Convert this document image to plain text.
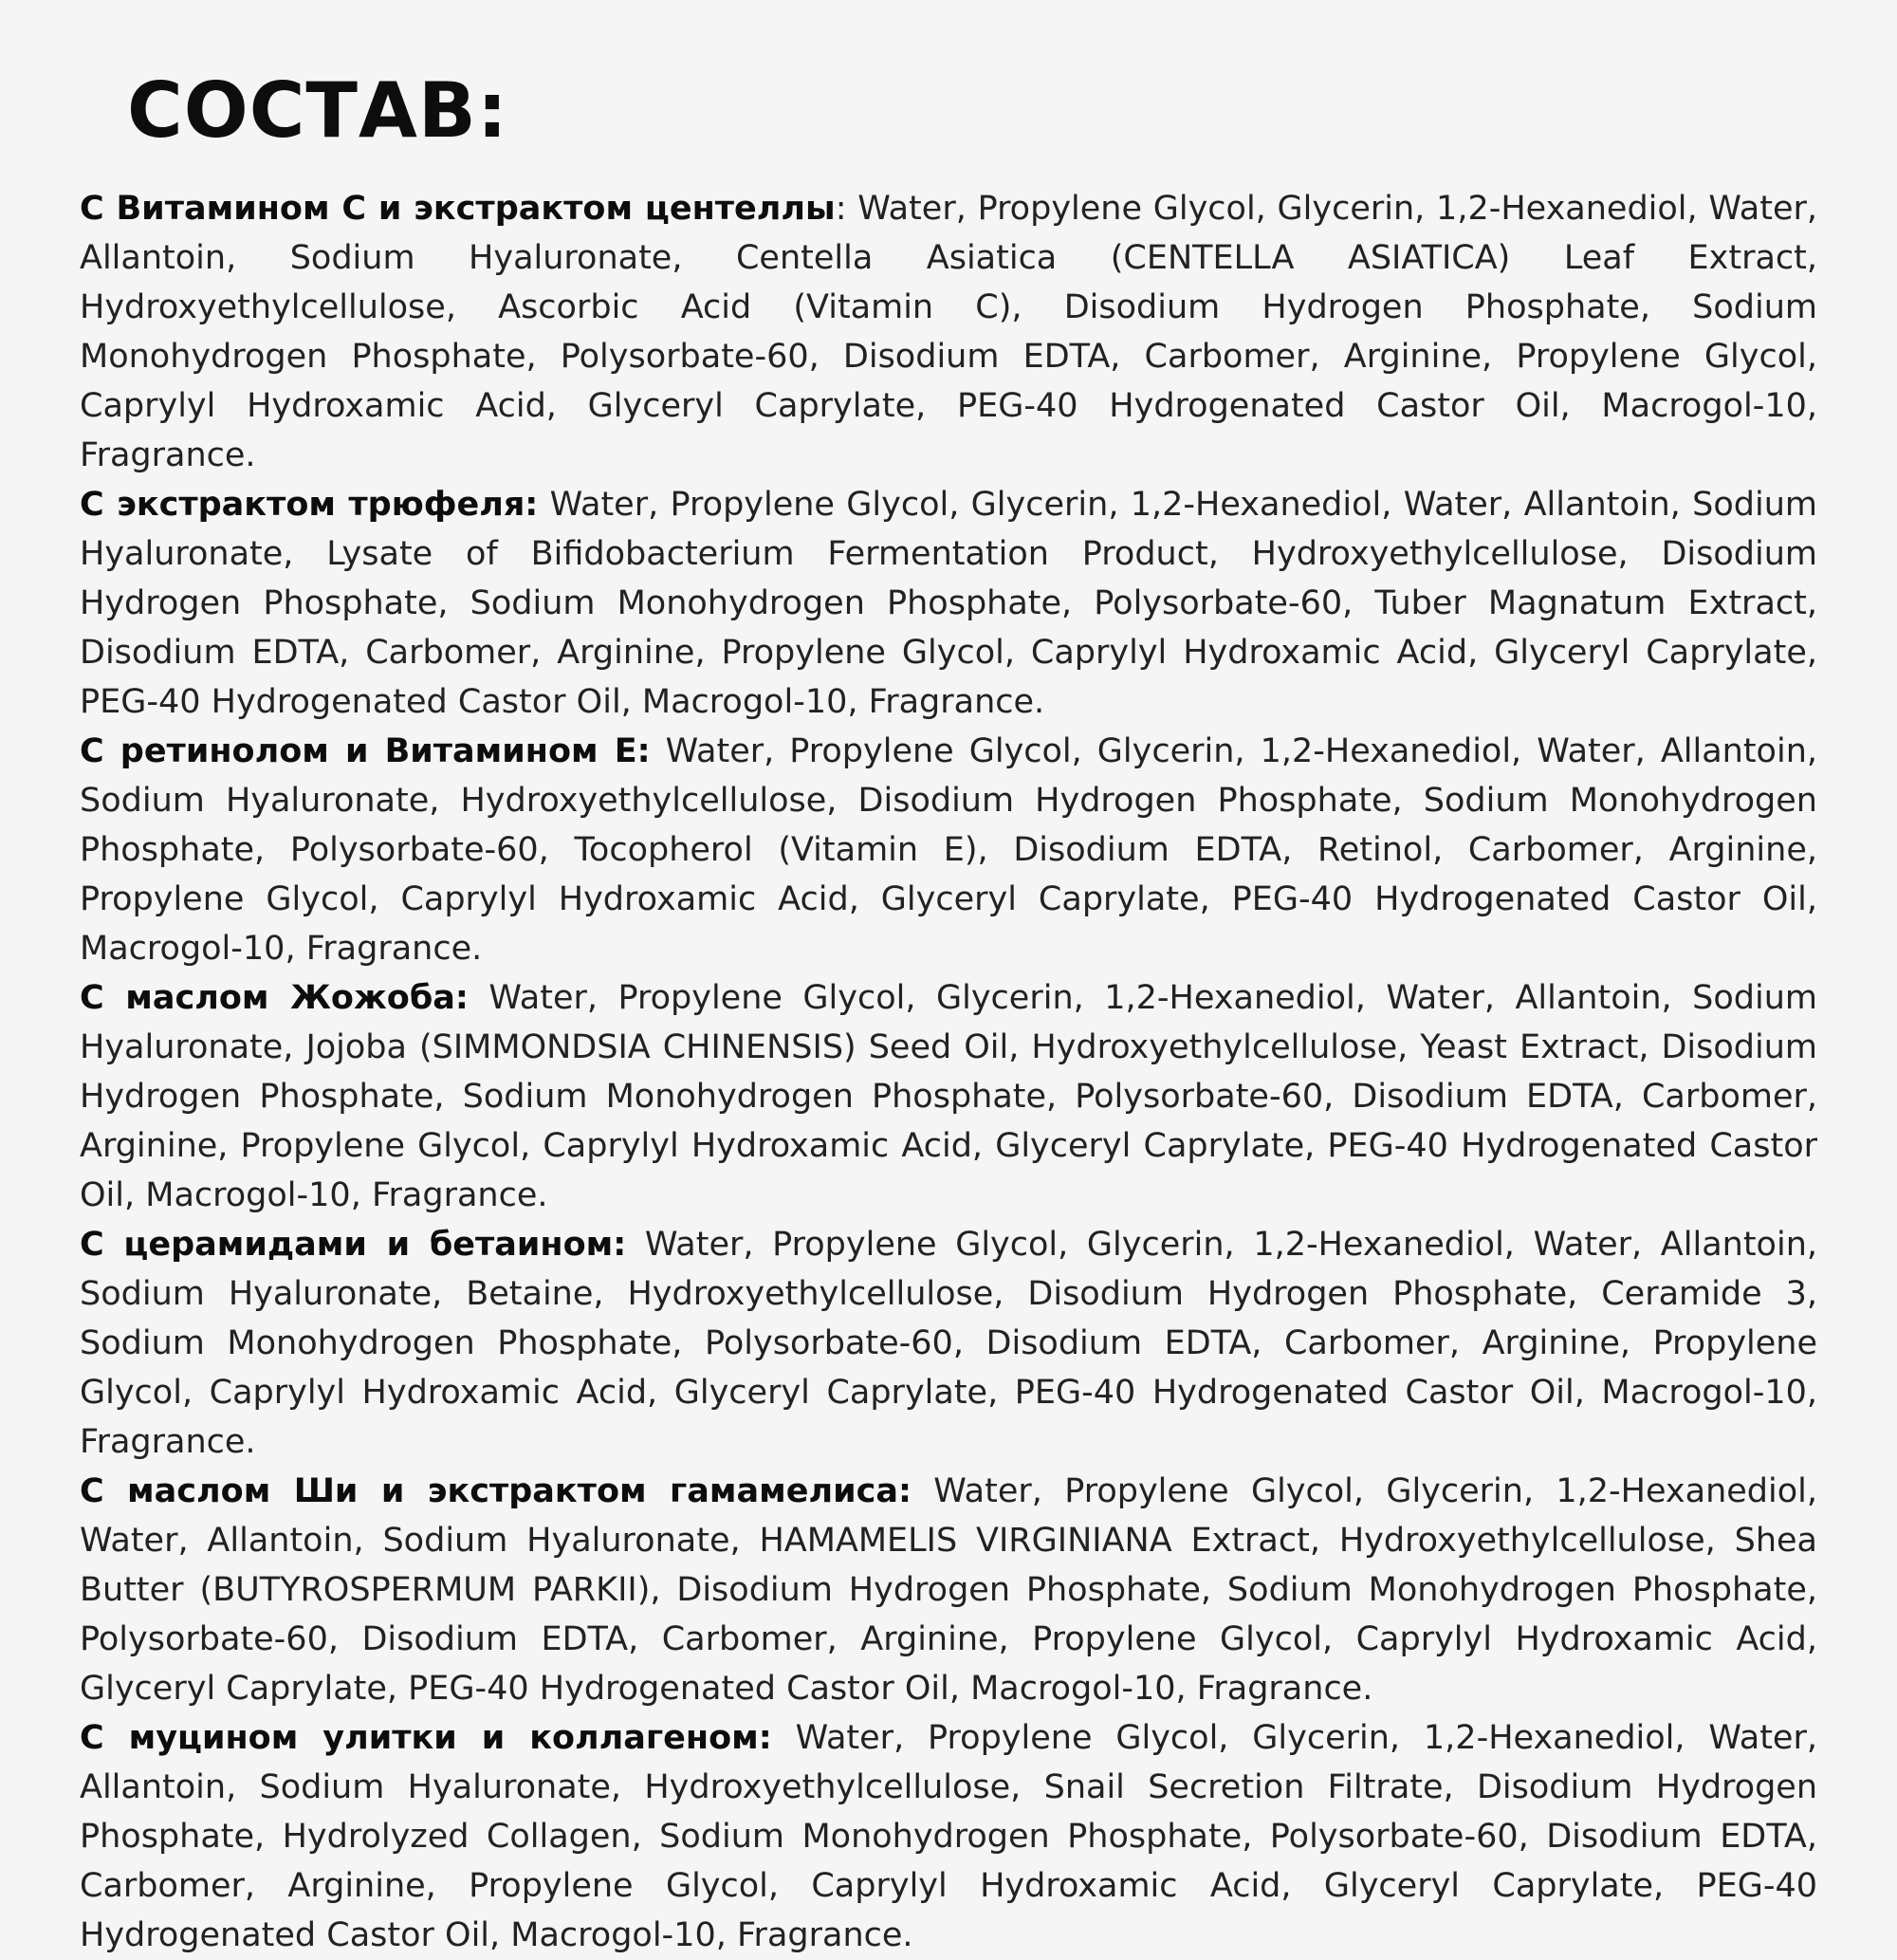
СОСТАВ:

С Витамином С и экстрактом центеллы: Water, Propylene Glycol, Glycerin, 1,2-Hexanediol, Water, Allantoin, Sodium Hyaluronate, Centella Asiatica (CENTELLA ASIATICA) Leaf Extract, Hydroxyethylcellulose, Ascorbic Acid (Vitamin C), Disodium Hydrogen Phosphate, Sodium Monohydrogen Phosphate, Polysorbate-60, Disodium EDTA, Carbomer, Arginine, Propylene Glycol, Caprylyl Hydroxamic Acid, Glyceryl Caprylate, PEG-40 Hydrogenated Castor Oil, Macrogol-10, Fragrance.

С экстрактом трюфеля: Water, Propylene Glycol, Glycerin, 1,2-Hexanediol, Water, Allantoin, Sodium Hyaluronate, Lysate of Bifidobacterium Fermentation Product, Hydroxyethylcellulose, Disodium Hydrogen Phosphate, Sodium Monohydrogen Phosphate, Polysorbate-60, Tuber Magnatum Extract, Disodium EDTA, Carbomer, Arginine, Propylene Glycol, Caprylyl Hydroxamic Acid, Glyceryl Caprylate, PEG-40 Hydrogenated Castor Oil, Macrogol-10, Fragrance.

С ретинолом и Витамином Е: Water, Propylene Glycol, Glycerin, 1,2-Hexanediol, Water, Allantoin, Sodium Hyaluronate, Hydroxyethylcellulose, Disodium Hydrogen Phosphate, Sodium Monohydrogen Phosphate, Polysorbate-60, Tocopherol (Vitamin E), Disodium EDTA, Retinol, Carbomer, Arginine, Propylene Glycol, Caprylyl Hydroxamic Acid, Glyceryl Caprylate, PEG-40 Hydrogenated Castor Oil, Macrogol-10, Fragrance.

С маслом Жожоба: Water, Propylene Glycol, Glycerin, 1,2-Hexanediol, Water, Allantoin, Sodium Hyaluronate, Jojoba (SIMMONDSIA CHINENSIS) Seed Oil, Hydroxyethylcellulose, Yeast Extract, Disodium Hydrogen Phosphate, Sodium Monohydrogen Phosphate, Polysorbate-60, Disodium EDTA, Carbomer, Arginine, Propylene Glycol, Caprylyl Hydroxamic Acid, Glyceryl Caprylate, PEG-40 Hydrogenated Castor Oil, Macrogol-10, Fragrance.

С церамидами и бетаином: Water, Propylene Glycol, Glycerin, 1,2-Hexanediol, Water, Allantoin, Sodium Hyaluronate, Betaine, Hydroxyethylcellulose, Disodium Hydrogen Phosphate, Ceramide 3, Sodium Monohydrogen Phosphate, Polysorbate-60, Disodium EDTA, Carbomer, Arginine, Propylene Glycol, Caprylyl Hydroxamic Acid, Glyceryl Caprylate, PEG-40 Hydrogenated Castor Oil, Macrogol-10, Fragrance.

С маслом Ши и экстрактом гамамелиса: Water, Propylene Glycol, Glycerin, 1,2-Hexanediol, Water, Allantoin, Sodium Hyaluronate, HAMAMELIS VIRGINIANA Extract, Hydroxyethylcellulose, Shea Butter (BUTYROSPERMUM PARKII), Disodium Hydrogen Phosphate, Sodium Monohydrogen Phosphate, Polysorbate-60, Disodium EDTA, Carbomer, Arginine, Propylene Glycol, Caprylyl Hydroxamic Acid, Glyceryl Caprylate, PEG-40 Hydrogenated Castor Oil, Macrogol-10, Fragrance.

С муцином улитки и коллагеном: Water, Propylene Glycol, Glycerin, 1,2-Hexanediol, Water, Allantoin, Sodium Hyaluronate, Hydroxyethylcellulose, Snail Secretion Filtrate, Disodium Hydrogen Phosphate, Hydrolyzed Collagen, Sodium Monohydrogen Phosphate, Polysorbate-60, Disodium EDTA, Carbomer, Arginine, Propylene Glycol, Caprylyl Hydroxamic Acid, Glyceryl Caprylate, PEG-40 Hydrogenated Castor Oil, Macrogol-10, Fragrance.
